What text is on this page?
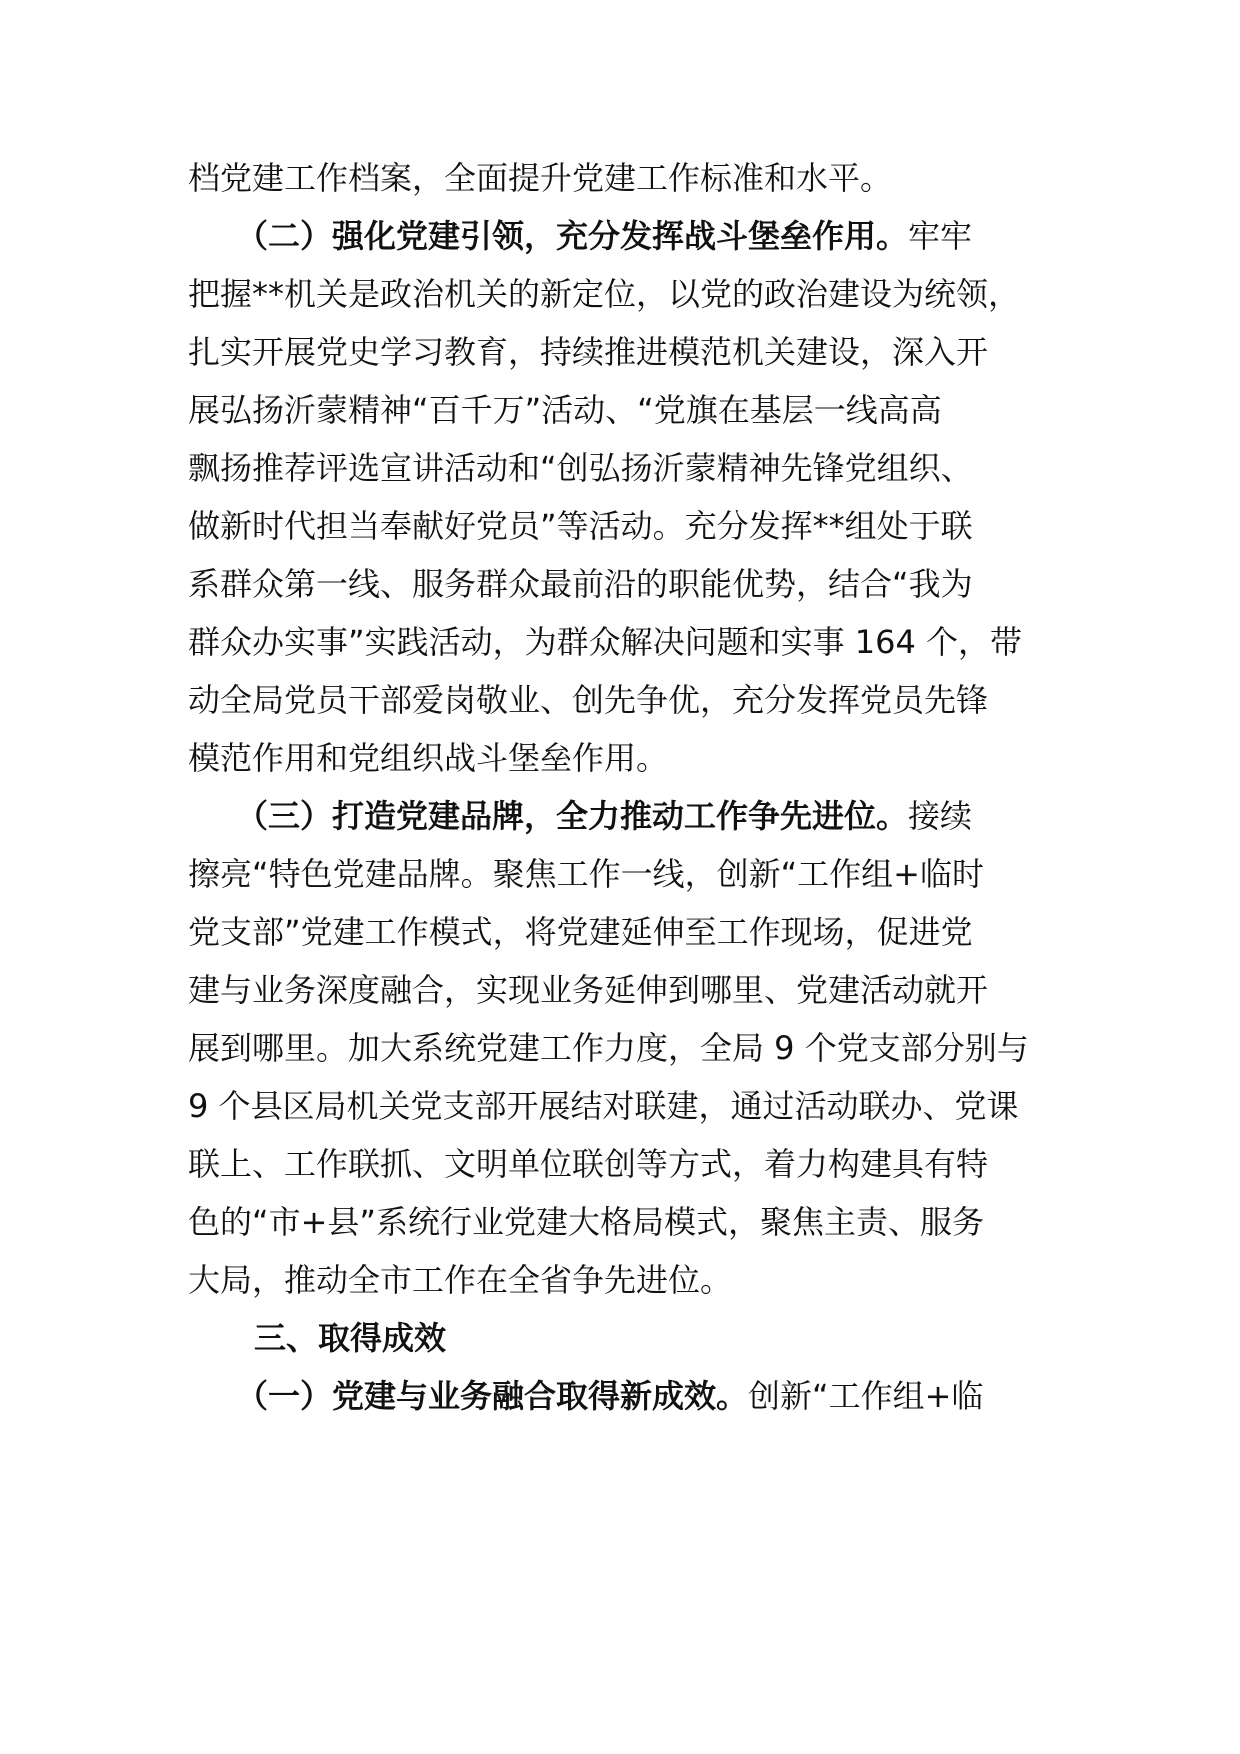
档党建工作档案，全面提升党建工作标准和水平。
（二）强化党建引领，充分发挥战斗堡垒作用。牢牢
把握**机关是政治机关的新定位，以党的政治建设为统领，
扎实开展党史学习教育，持续推进模范机关建设，深入开
展弘扬沂蒙精神“百千万”活动、“党旗在基层一线高高
飘扬推荐评选宣讲活动和“创弘扬沂蒙精神先锋党组织、
做新时代担当奉献好党员”等活动。充分发挥**组处于联
系群众第一线、服务群众最前沿的职能优势，结合“我为
群众办实事”实践活动，为群众解决问题和实事 164 个，带
动全局党员干部爱岗敬业、创先争优，充分发挥党员先锋
模范作用和党组织战斗堡垒作用。
（三）打造党建品牌，全力推动工作争先进位。接续
擦亮“特色党建品牌。聚焦工作一线，创新“工作组+临时
党支部”党建工作模式，将党建延伸至工作现场，促进党
建与业务深度融合，实现业务延伸到哪里、党建活动就开
展到哪里。加大系统党建工作力度，全局 9 个党支部分别与
9 个县区局机关党支部开展结对联建，通过活动联办、党课
联上、工作联抓、文明单位联创等方式，着力构建具有特
色的“市+县”系统行业党建大格局模式，聚焦主责、服务
大局，推动全市工作在全省争先进位。
三、取得成效
（一）党建与业务融合取得新成效。创新“工作组+临
